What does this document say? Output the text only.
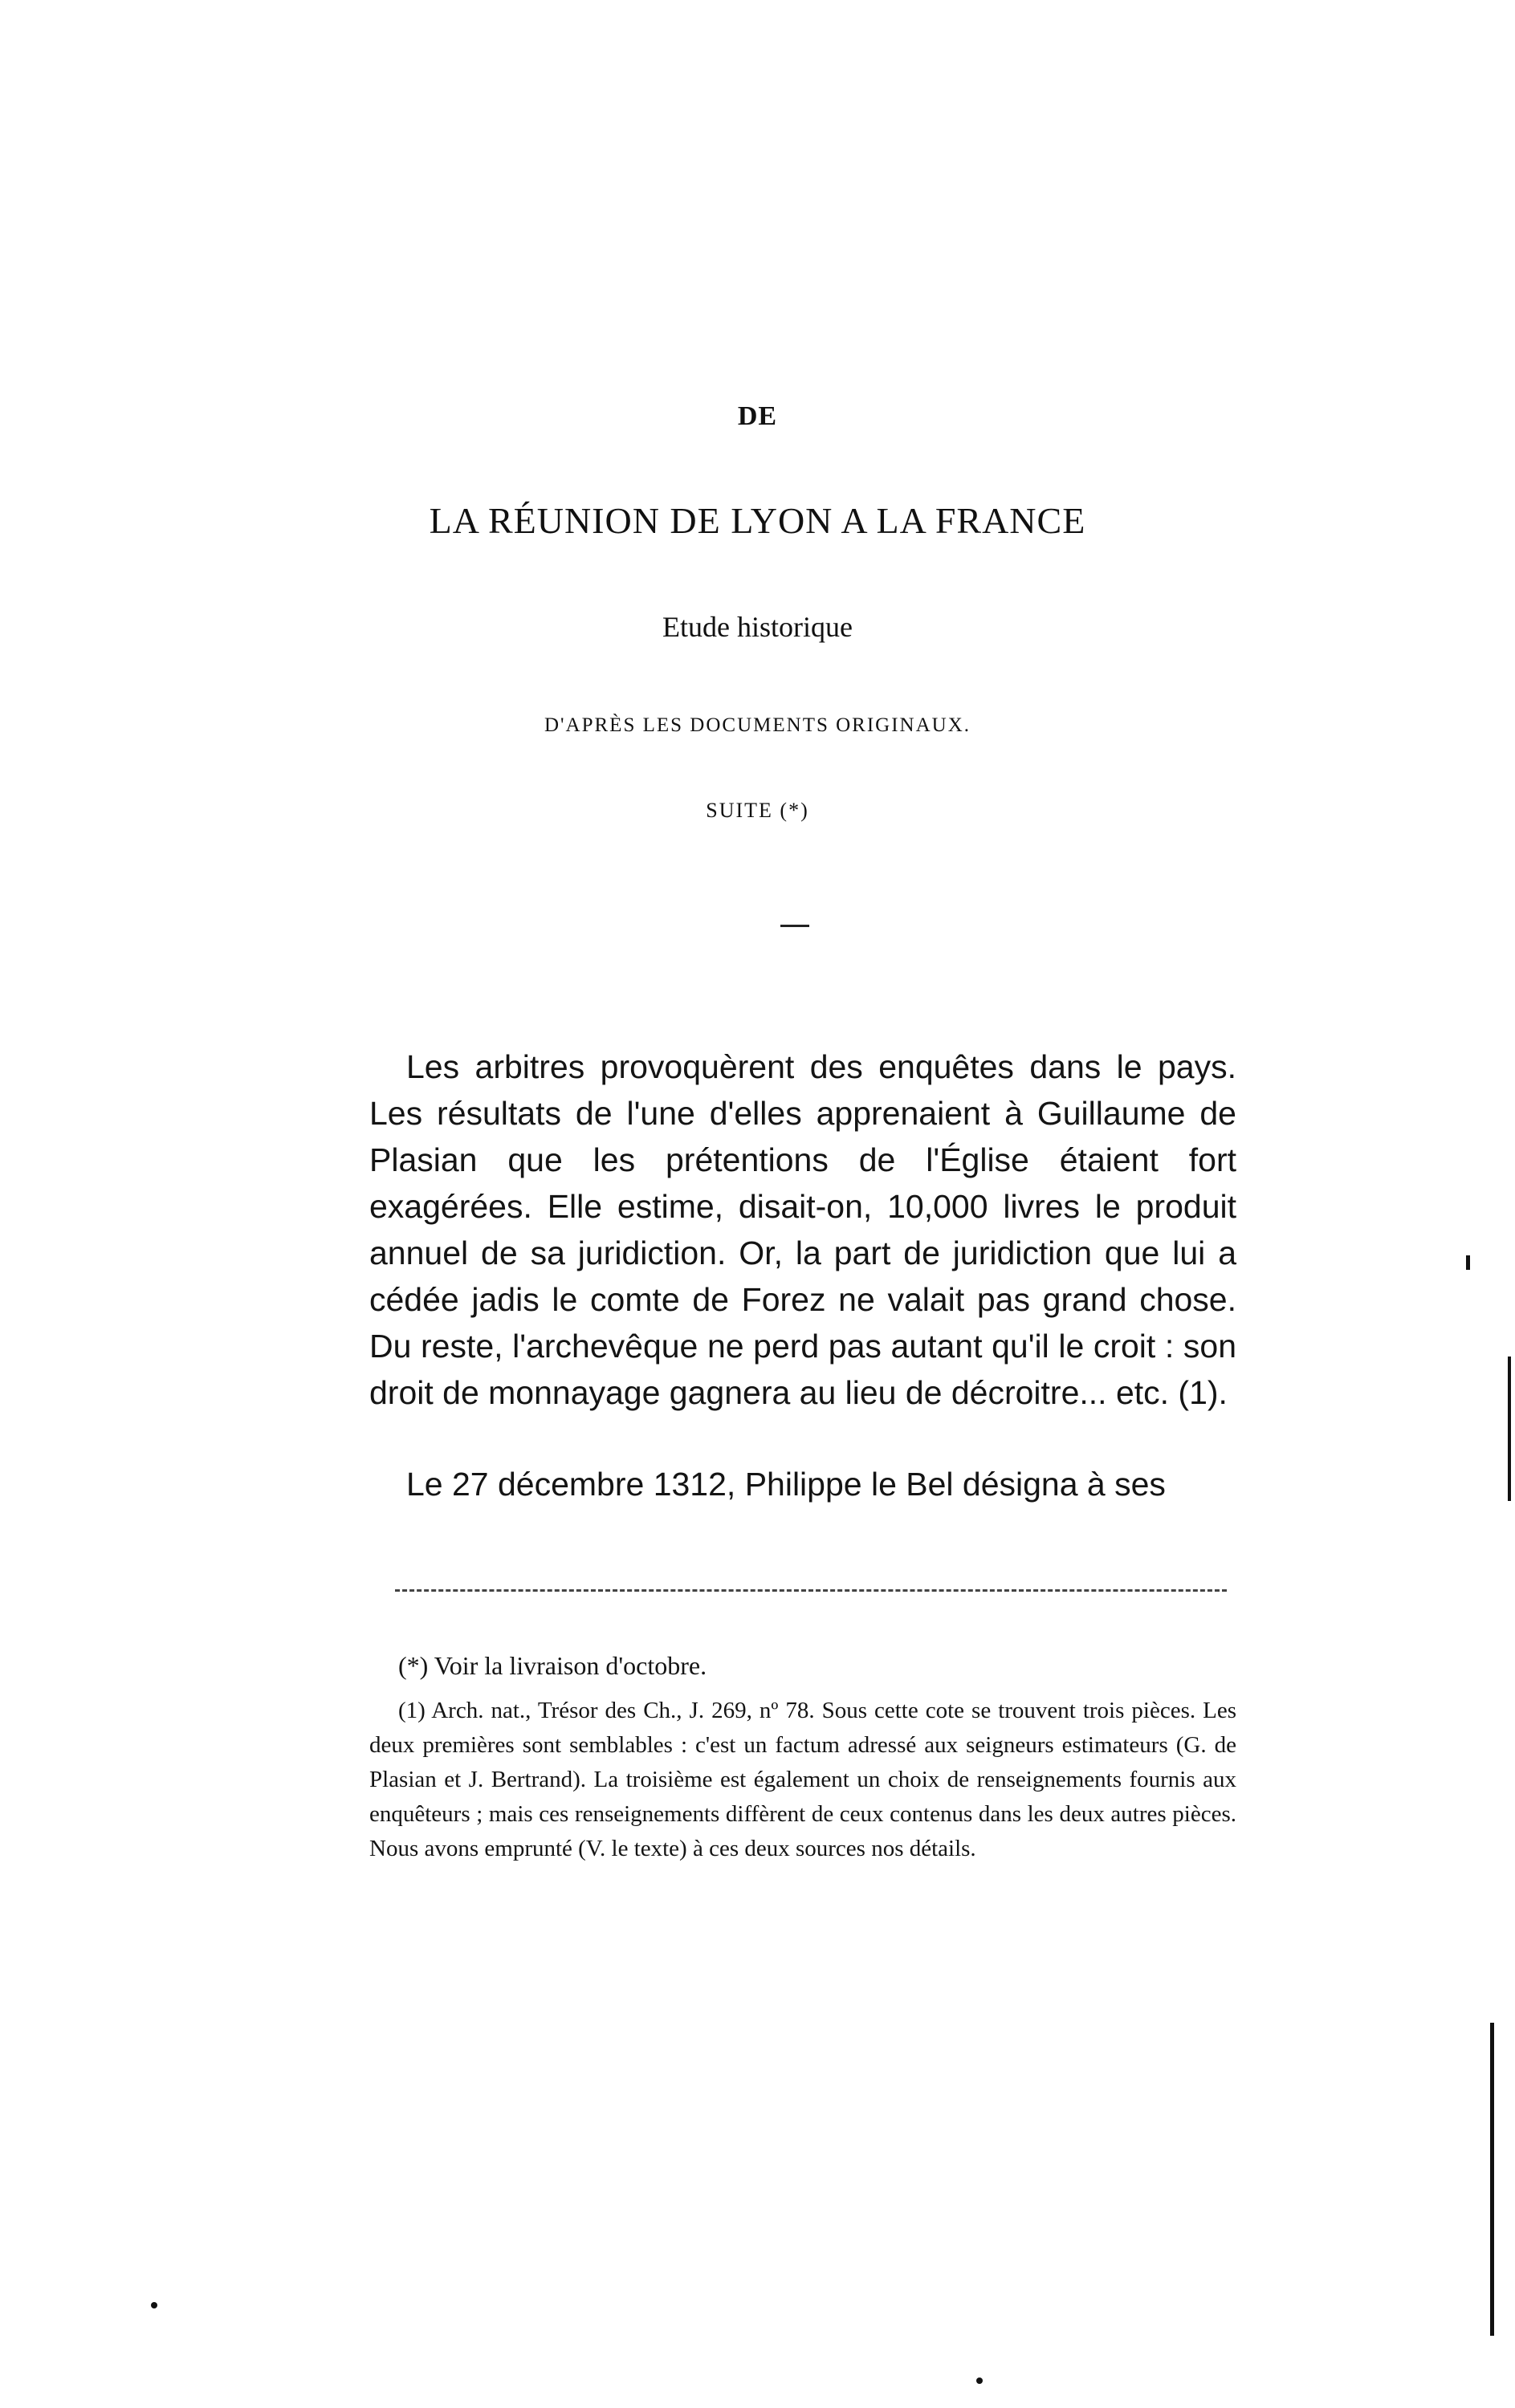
DE
LA RÉUNION DE LYON A LA FRANCE
Etude historique
D'APRÈS LES DOCUMENTS ORIGINAUX.
SUITE (*)

Les arbitres provoquèrent des enquêtes dans le pays. Les résultats de l'une d'elles apprenaient à Guillaume de Plasian que les prétentions de l'Église étaient fort exagérées. Elle estime, disait-on, 10,000 livres le produit annuel de sa juridiction. Or, la part de juridiction que lui a cédée jadis le comte de Forez ne valait pas grand chose. Du reste, l'archevêque ne perd pas autant qu'il le croit : son droit de monnayage gagnera au lieu de décroitre... etc. (1).

Le 27 décembre 1312, Philippe le Bel désigna à ses

(*) Voir la livraison d'octobre.

(1) Arch. nat., Trésor des Ch., J. 269, nº 78. Sous cette cote se trouvent trois pièces. Les deux premières sont semblables : c'est un factum adressé aux seigneurs estimateurs (G. de Plasian et J. Bertrand). La troisième est également un choix de renseignements fournis aux enquêteurs ; mais ces renseignements diffèrent de ceux contenus dans les deux autres pièces. Nous avons emprunté (V. le texte) à ces deux sources nos détails.
